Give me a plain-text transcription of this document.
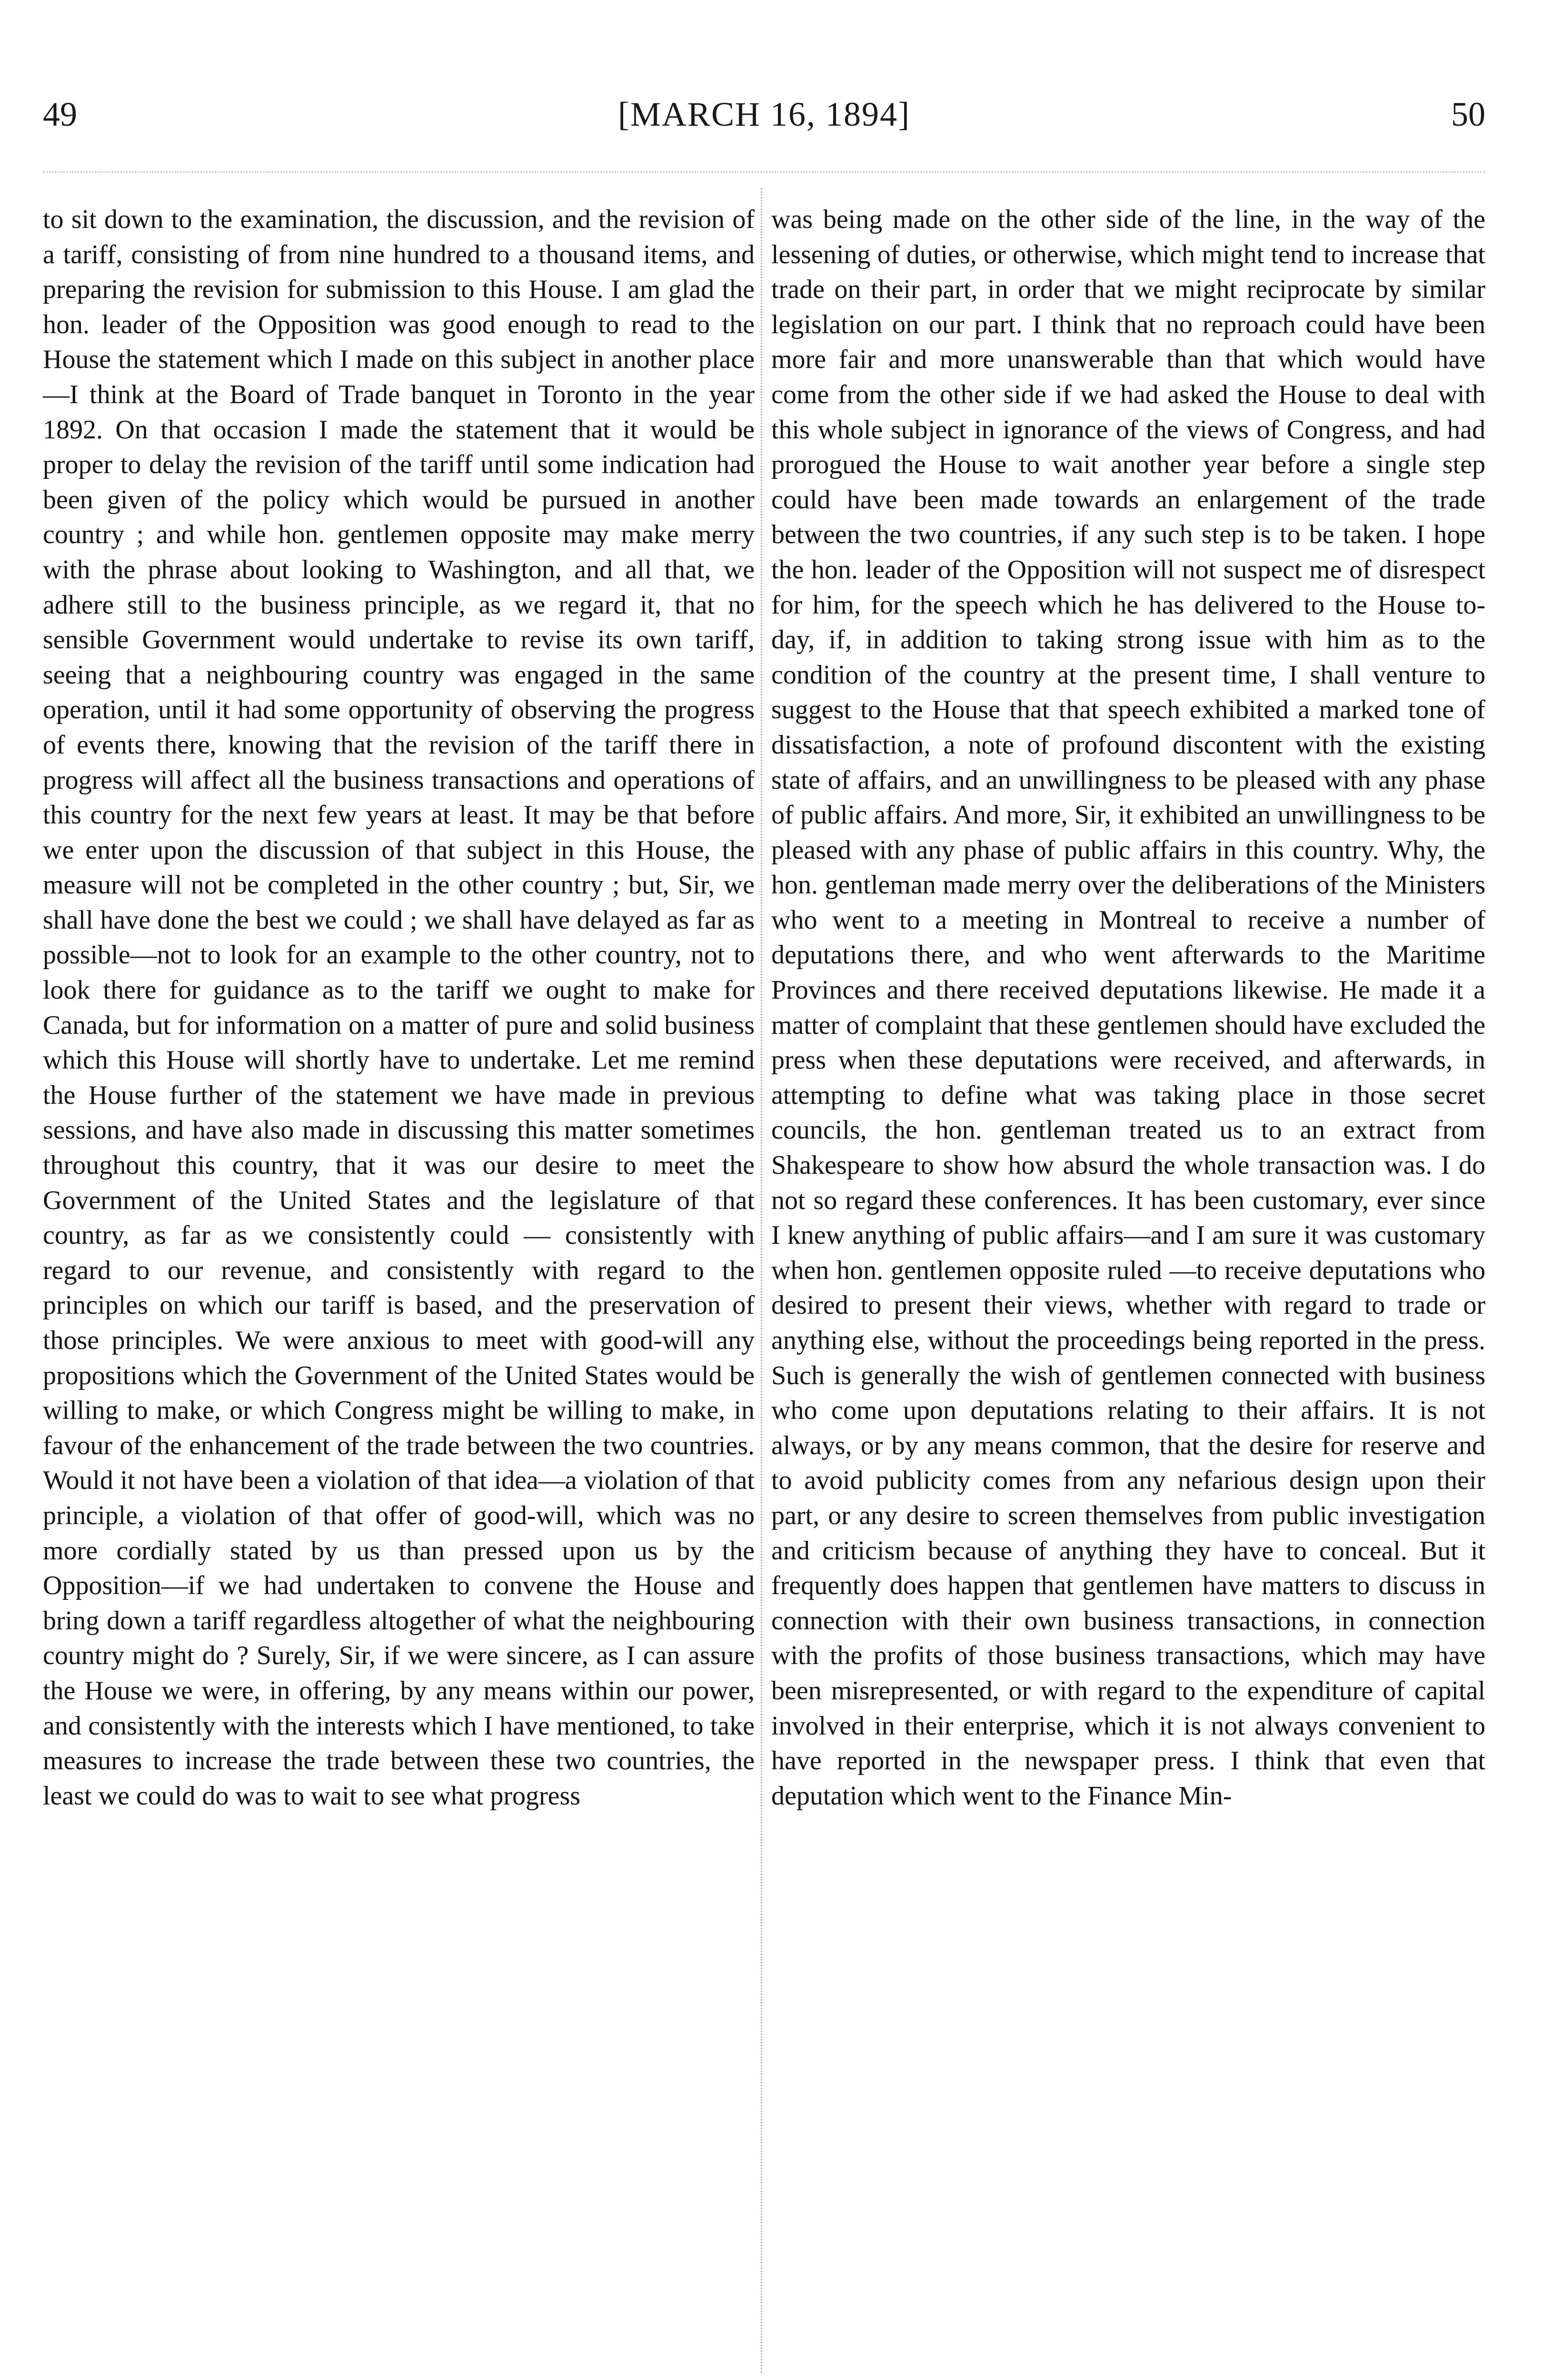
49	[MARCH 16, 1894]	50

to sit down to the examination, the discussion, and the revision of a tariff, consisting of from nine hundred to a thousand items, and preparing the revision for submission to this House. I am glad the hon. leader of the Opposition was good enough to read to the House the statement which I made on this subject in another place—I think at the Board of Trade banquet in Toronto in the year 1892. On that occasion I made the statement that it would be proper to delay the revision of the tariff until some indication had been given of the policy which would be pursued in another country ; and while hon. gentlemen opposite may make merry with the phrase about looking to Washington, and all that, we adhere still to the business principle, as we regard it, that no sensible Government would undertake to revise its own tariff, seeing that a neighbouring country was engaged in the same operation, until it had some opportunity of observing the progress of events there, knowing that the revision of the tariff there in progress will affect all the business transactions and operations of this country for the next few years at least. It may be that before we enter upon the discussion of that subject in this House, the measure will not be completed in the other country ; but, Sir, we shall have done the best we could ; we shall have delayed as far as possible—not to look for an example to the other country, not to look there for guidance as to the tariff we ought to make for Canada, but for information on a matter of pure and solid business which this House will shortly have to undertake. Let me remind the House further of the statement we have made in previous sessions, and have also made in discussing this matter sometimes throughout this country, that it was our desire to meet the Government of the United States and the legislature of that country, as far as we consistently could — consistently with regard to our revenue, and consistently with regard to the principles on which our tariff is based, and the preservation of those principles. We were anxious to meet with good-will any propositions which the Government of the United States would be willing to make, or which Congress might be willing to make, in favour of the enhancement of the trade between the two countries. Would it not have been a violation of that idea—a violation of that principle, a violation of that offer of good-will, which was no more cordially stated by us than pressed upon us by the Opposition—if we had undertaken to convene the House and bring down a tariff regardless altogether of what the neighbouring country might do ? Surely, Sir, if we were sincere, as I can assure the House we were, in offering, by any means within our power, and consistently with the interests which I have mentioned, to take measures to increase the trade between these two countries, the least we could do was to wait to see what progress

was being made on the other side of the line, in the way of the lessening of duties, or otherwise, which might tend to increase that trade on their part, in order that we might reciprocate by similar legislation on our part. I think that no reproach could have been more fair and more unanswerable than that which would have come from the other side if we had asked the House to deal with this whole subject in ignorance of the views of Congress, and had prorogued the House to wait another year before a single step could have been made towards an enlargement of the trade between the two countries, if any such step is to be taken. I hope the hon. leader of the Opposition will not suspect me of disrespect for him, for the speech which he has delivered to the House to-day, if, in addition to taking strong issue with him as to the condition of the country at the present time, I shall venture to suggest to the House that that speech exhibited a marked tone of dissatisfaction, a note of profound discontent with the existing state of affairs, and an unwillingness to be pleased with any phase of public affairs. And more, Sir, it exhibited an unwillingness to be pleased with any phase of public affairs in this country. Why, the hon. gentleman made merry over the deliberations of the Ministers who went to a meeting in Montreal to receive a number of deputations there, and who went afterwards to the Maritime Provinces and there received deputations likewise. He made it a matter of complaint that these gentlemen should have excluded the press when these deputations were received, and afterwards, in attempting to define what was taking place in those secret councils, the hon. gentleman treated us to an extract from Shakespeare to show how absurd the whole transaction was. I do not so regard these conferences. It has been customary, ever since I knew anything of public affairs—and I am sure it was customary when hon. gentlemen opposite ruled —to receive deputations who desired to present their views, whether with regard to trade or anything else, without the proceedings being reported in the press. Such is generally the wish of gentlemen connected with business who come upon deputations relating to their affairs. It is not always, or by any means common, that the desire for reserve and to avoid publicity comes from any nefarious design upon their part, or any desire to screen themselves from public investigation and criticism because of anything they have to conceal. But it frequently does happen that gentlemen have matters to discuss in connection with their own business transactions, in connection with the profits of those business transactions, which may have been misrepresented, or with regard to the expenditure of capital involved in their enterprise, which it is not always convenient to have reported in the newspaper press. I think that even that deputation which went to the Finance Min-
